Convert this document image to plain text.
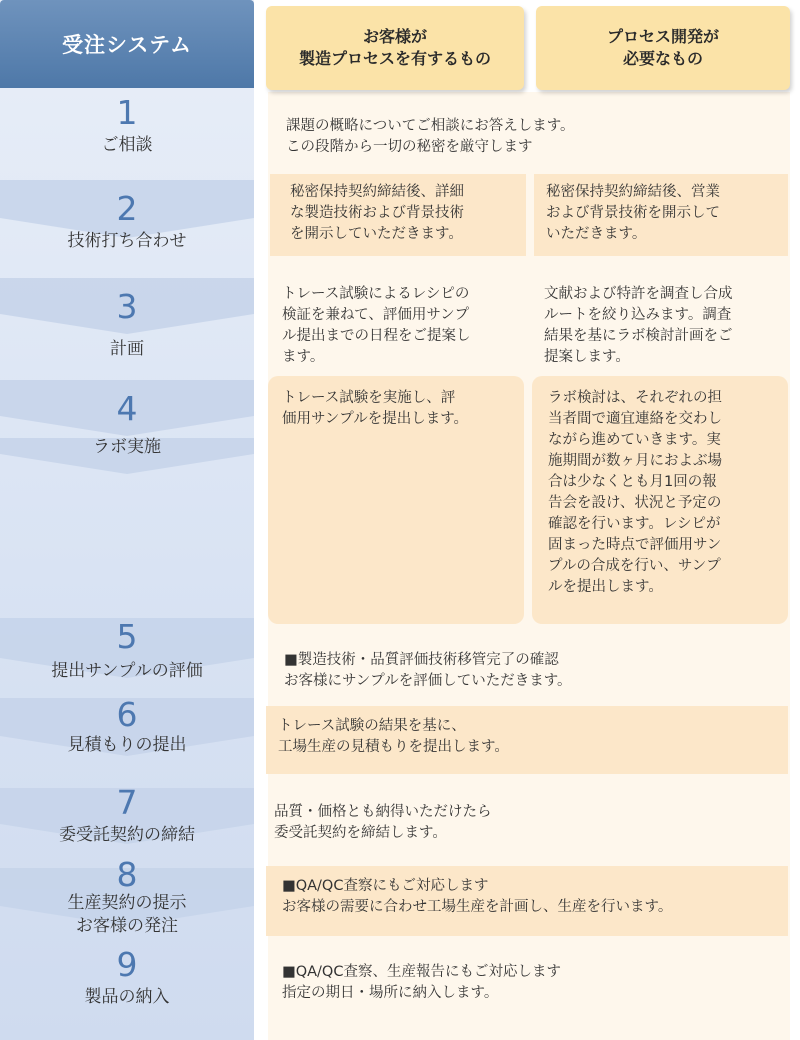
受注システム
1
ご相談
2
技術打ち合わせ
3
計画
4
ラボ実施
5
提出サンプルの評価
6
見積もりの提出
7
委受託契約の締結
8
生産契約の提示
お客様の発注
9
製品の納入
お客様が
製造プロセスを有するもの
プロセス開発が
必要なもの
課題の概略についてご相談にお答えします。
この段階から一切の秘密を厳守します
秘密保持契約締結後、詳細
な製造技術および背景技術
を開示していただきます。
秘密保持契約締結後、営業
および背景技術を開示して
いただきます。
トレース試験によるレシピの
検証を兼ねて、評価用サンプ
ル提出までの日程をご提案し
ます。
文献および特許を調査し合成
ルートを絞り込みます。調査
結果を基にラボ検討計画をご
提案します。
トレース試験を実施し、評
価用サンプルを提出します。
ラボ検討は、それぞれの担
当者間で適宜連絡を交わし
ながら進めていきます。実
施期間が数ヶ月におよぶ場
合は少なくとも月1回の報
告会を設け、状況と予定の
確認を行います。レシピが
固まった時点で評価用サン
プルの合成を行い、サンプ
ルを提出します。
■製造技術・品質評価技術移管完了の確認
お客様にサンプルを評価していただきます。
トレース試験の結果を基に、
工場生産の見積もりを提出します。
品質・価格とも納得いただけたら
委受託契約を締結します。
■QA/QC査察にもご対応します
お客様の需要に合わせ工場生産を計画し、生産を行います。
■QA/QC査察、生産報告にもご対応します
指定の期日・場所に納入します。
